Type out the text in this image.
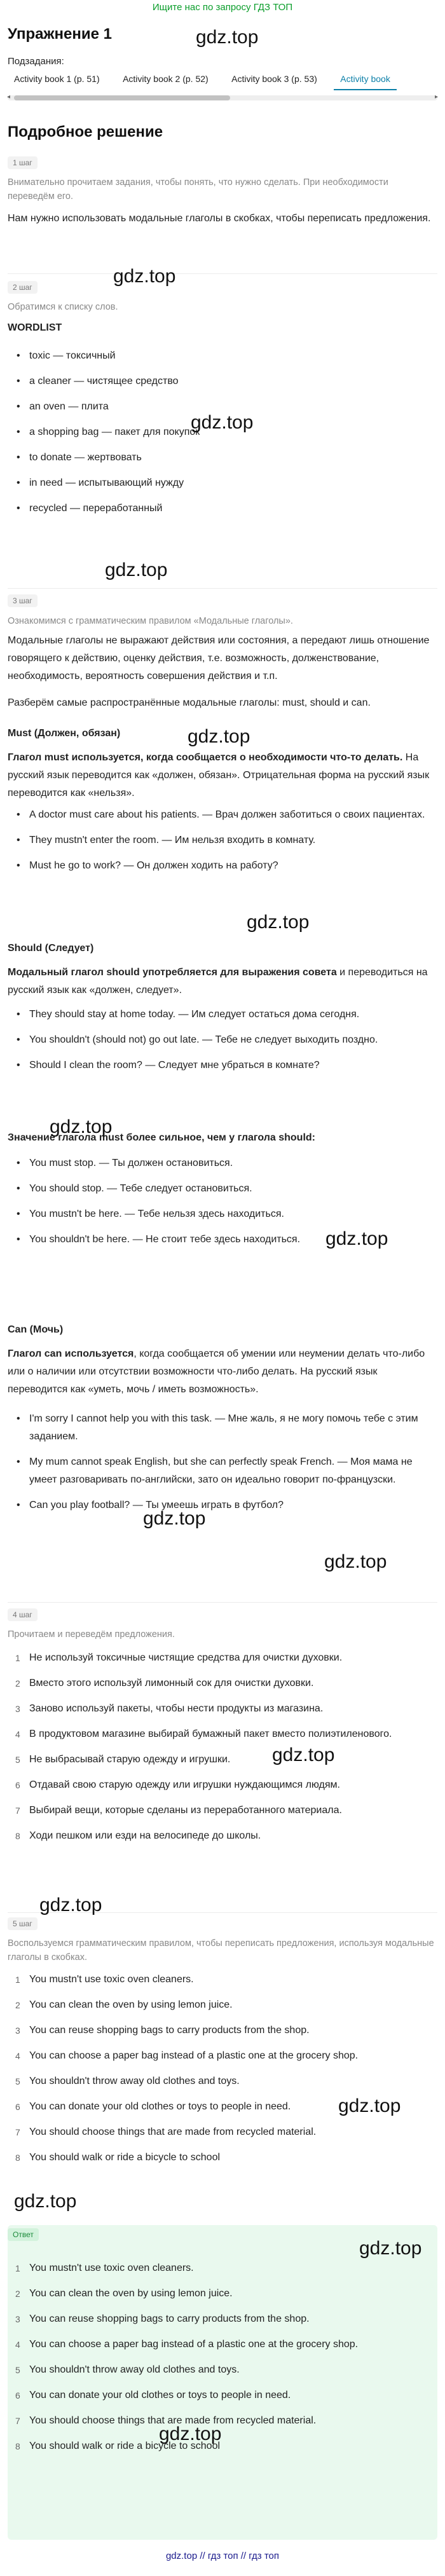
Ищите нас по запросу ГДЗ ТОП
Упражнение 1
Подзадания:
Activity book 1 (p. 51)	Activity book 2 (p. 52)	Activity book 3 (p. 53)	Activity book
◂	▸
Подробное решение
1 шаг
Внимательно прочитаем задания, чтобы понять, что нужно сделать. При необходимости переведём его.
Нам нужно использовать модальные глаголы в скобках, чтобы переписать предложения.
2 шаг
Обратимся к списку слов.
WORDLIST
• toxic — токсичный
• a cleaner — чистящее средство
• an oven — плита
• a shopping bag — пакет для покупок
• to donate — жертвовать
• in need — испытывающий нужду
• recycled — переработанный
3 шаг
Ознакомимся с грамматическим правилом «Модальные глаголы».
Модальные глаголы не выражают действия или состояния, а передают лишь отношение говорящего к действию, оценку действия, т.е. возможность, долженствование, необходимость, вероятность совершения действия и т.п.
Разберём самые распространённые модальные глаголы: must, should и can.
Must (Должен, обязан)
Глагол must используется, когда сообщается о необходимости что-то делать. На русский язык переводится как «должен, обязан». Отрицательная форма на русский язык переводится как «нельзя».
• A doctor must care about his patients. — Врач должен заботиться о своих пациентах.
• They mustn't enter the room. — Им нельзя входить в комнату.
• Must he go to work? — Он должен ходить на работу?
Should (Следует)
Модальный глагол should употребляется для выражения совета и переводиться на русский язык как «должен, следует».
• They should stay at home today. — Им следует остаться дома сегодня.
• You shouldn't (should not) go out late. — Тебе не следует выходить поздно.
• Should I clean the room? — Следует мне убраться в комнате?
Значение глагола must более сильное, чем у глагола should:
• You must stop. — Ты должен остановиться.
• You should stop. — Тебе следует остановиться.
• You mustn't be here. — Тебе нельзя здесь находиться.
• You shouldn't be here. — Не стоит тебе здесь находиться.
Can (Мочь)
Глагол can используется, когда сообщается об умении или неумении делать что-либо или о наличии или отсутствии возможности что-либо делать. На русский язык переводится как «уметь, мочь / иметь возможность».
• I'm sorry I cannot help you with this task. — Мне жаль, я не могу помочь тебе с этим заданием.
• My mum cannot speak English, but she can perfectly speak French. — Моя мама не умеет разговаривать по-английски, зато он идеально говорит по-французски.
• Can you play football? — Ты умеешь играть в футбол?
4 шаг
Прочитаем и переведём предложения.
1 Не используй токсичные чистящие средства для очистки духовки.
2 Вместо этого используй лимонный сок для очистки духовки.
3 Заново используй пакеты, чтобы нести продукты из магазина.
4 В продуктовом магазине выбирай бумажный пакет вместо полиэтиленового.
5 Не выбрасывай старую одежду и игрушки.
6 Отдавай свою старую одежду или игрушки нуждающимся людям.
7 Выбирай вещи, которые сделаны из переработанного материала.
8 Ходи пешком или езди на велосипеде до школы.
5 шаг
Воспользуемся грамматическим правилом, чтобы переписать предложения, используя модальные глаголы в скобках.
1 You mustn't use toxic oven cleaners.
2 You can clean the oven by using lemon juice.
3 You can reuse shopping bags to carry products from the shop.
4 You can choose a paper bag instead of a plastic one at the grocery shop.
5 You shouldn't throw away old clothes and toys.
6 You can donate your old clothes or toys to people in need.
7 You should choose things that are made from recycled material.
8 You should walk or ride a bicycle to school
Ответ
1 You mustn't use toxic oven cleaners.
2 You can clean the oven by using lemon juice.
3 You can reuse shopping bags to carry products from the shop.
4 You can choose a paper bag instead of a plastic one at the grocery shop.
5 You shouldn't throw away old clothes and toys.
6 You can donate your old clothes or toys to people in need.
7 You should choose things that are made from recycled material.
8 You should walk or ride a bicycle to school
gdz.top
gdz.top
gdz.top
gdz.top
gdz.top
gdz.top
gdz.top
gdz.top
gdz.top
gdz.top
gdz.top
gdz.top
gdz.top
gdz.top
gdz.top
gdz.top
gdz.top // гдз топ // гдз топ
